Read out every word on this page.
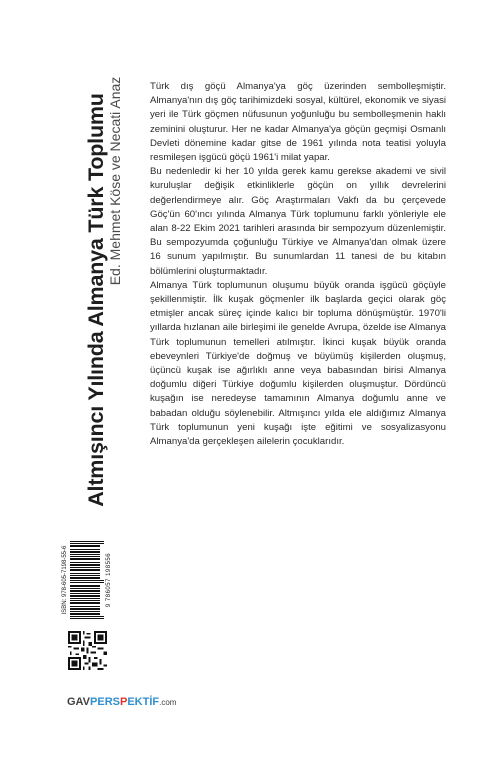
Altmışıncı Yılında Almanya Türk Toplumu Ed. Mehmet Köse ve Necati Anaz	Türk dış göçü Almanya'ya göç üzerinden sembolleşmiştir. Almanya'nın dış göç tarihimizdeki sosyal, kültürel, ekonomik ve siyasi yeri ile Türk göçmen nüfusunun yoğunluğu bu sembolleşmenin haklı zeminini oluşturur. Her ne kadar Almanya'ya göçün geçmişi Osmanlı Devleti dönemine kadar gitse de 1961 yılında nota teatisi yoluyla resmileşen işgücü göçü 1961'i milat yapar.

Bu nedenledir ki her 10 yılda gerek kamu gerekse akademi ve sivil kuruluşlar değişik etkinliklerle göçün on yıllık devrelerini değerlendirmeye alır. Göç Araştırmaları Vakfı da bu çerçevede Göç'ün 60'ıncı yılında Almanya Türk toplumunu farklı yönleriyle ele alan 8-22 Ekim 2021 tarihleri arasında bir sempozyum düzenlemiştir. Bu sempozyumda çoğunluğu Türkiye ve Almanya'dan olmak üzere 16 sunum yapılmıştır. Bu sunumlardan 11 tanesi de bu kitabın bölümlerini oluşturmaktadır.

Almanya Türk toplumunun oluşumu büyük oranda işgücü göçüyle şekillenmiştir. İlk kuşak göçmenler ilk başlarda geçici olarak göç etmişler ancak süreç içinde kalıcı bir topluma dönüşmüştür. 1970'li yıllarda hızlanan aile birleşimi ile genelde Avrupa, özelde ise Almanya Türk toplumunun temelleri atılmıştır. İkinci kuşak büyük oranda ebeveynleri Türkiye'de doğmuş ve büyümüş kişilerden oluşmuş, üçüncü kuşak ise ağırlıklı anne veya babasından birisi Almanya doğumlu diğeri Türkiye doğumlu kişilerden oluşmuştur. Dördüncü kuşağın ise neredeyse tamamının Almanya doğumlu anne ve babadan olduğu söylenebilir. Altmışıncı yılda ele aldığımız Almanya Türk toplumunun yeni kuşağı işte eğitimi ve sosyalizasyonu Almanya'da gerçekleşen ailelerin çocuklarıdır.

ISBN: 978-605-7198-55-6	9 786057 198556
GAVPERSPEKTİF.com
